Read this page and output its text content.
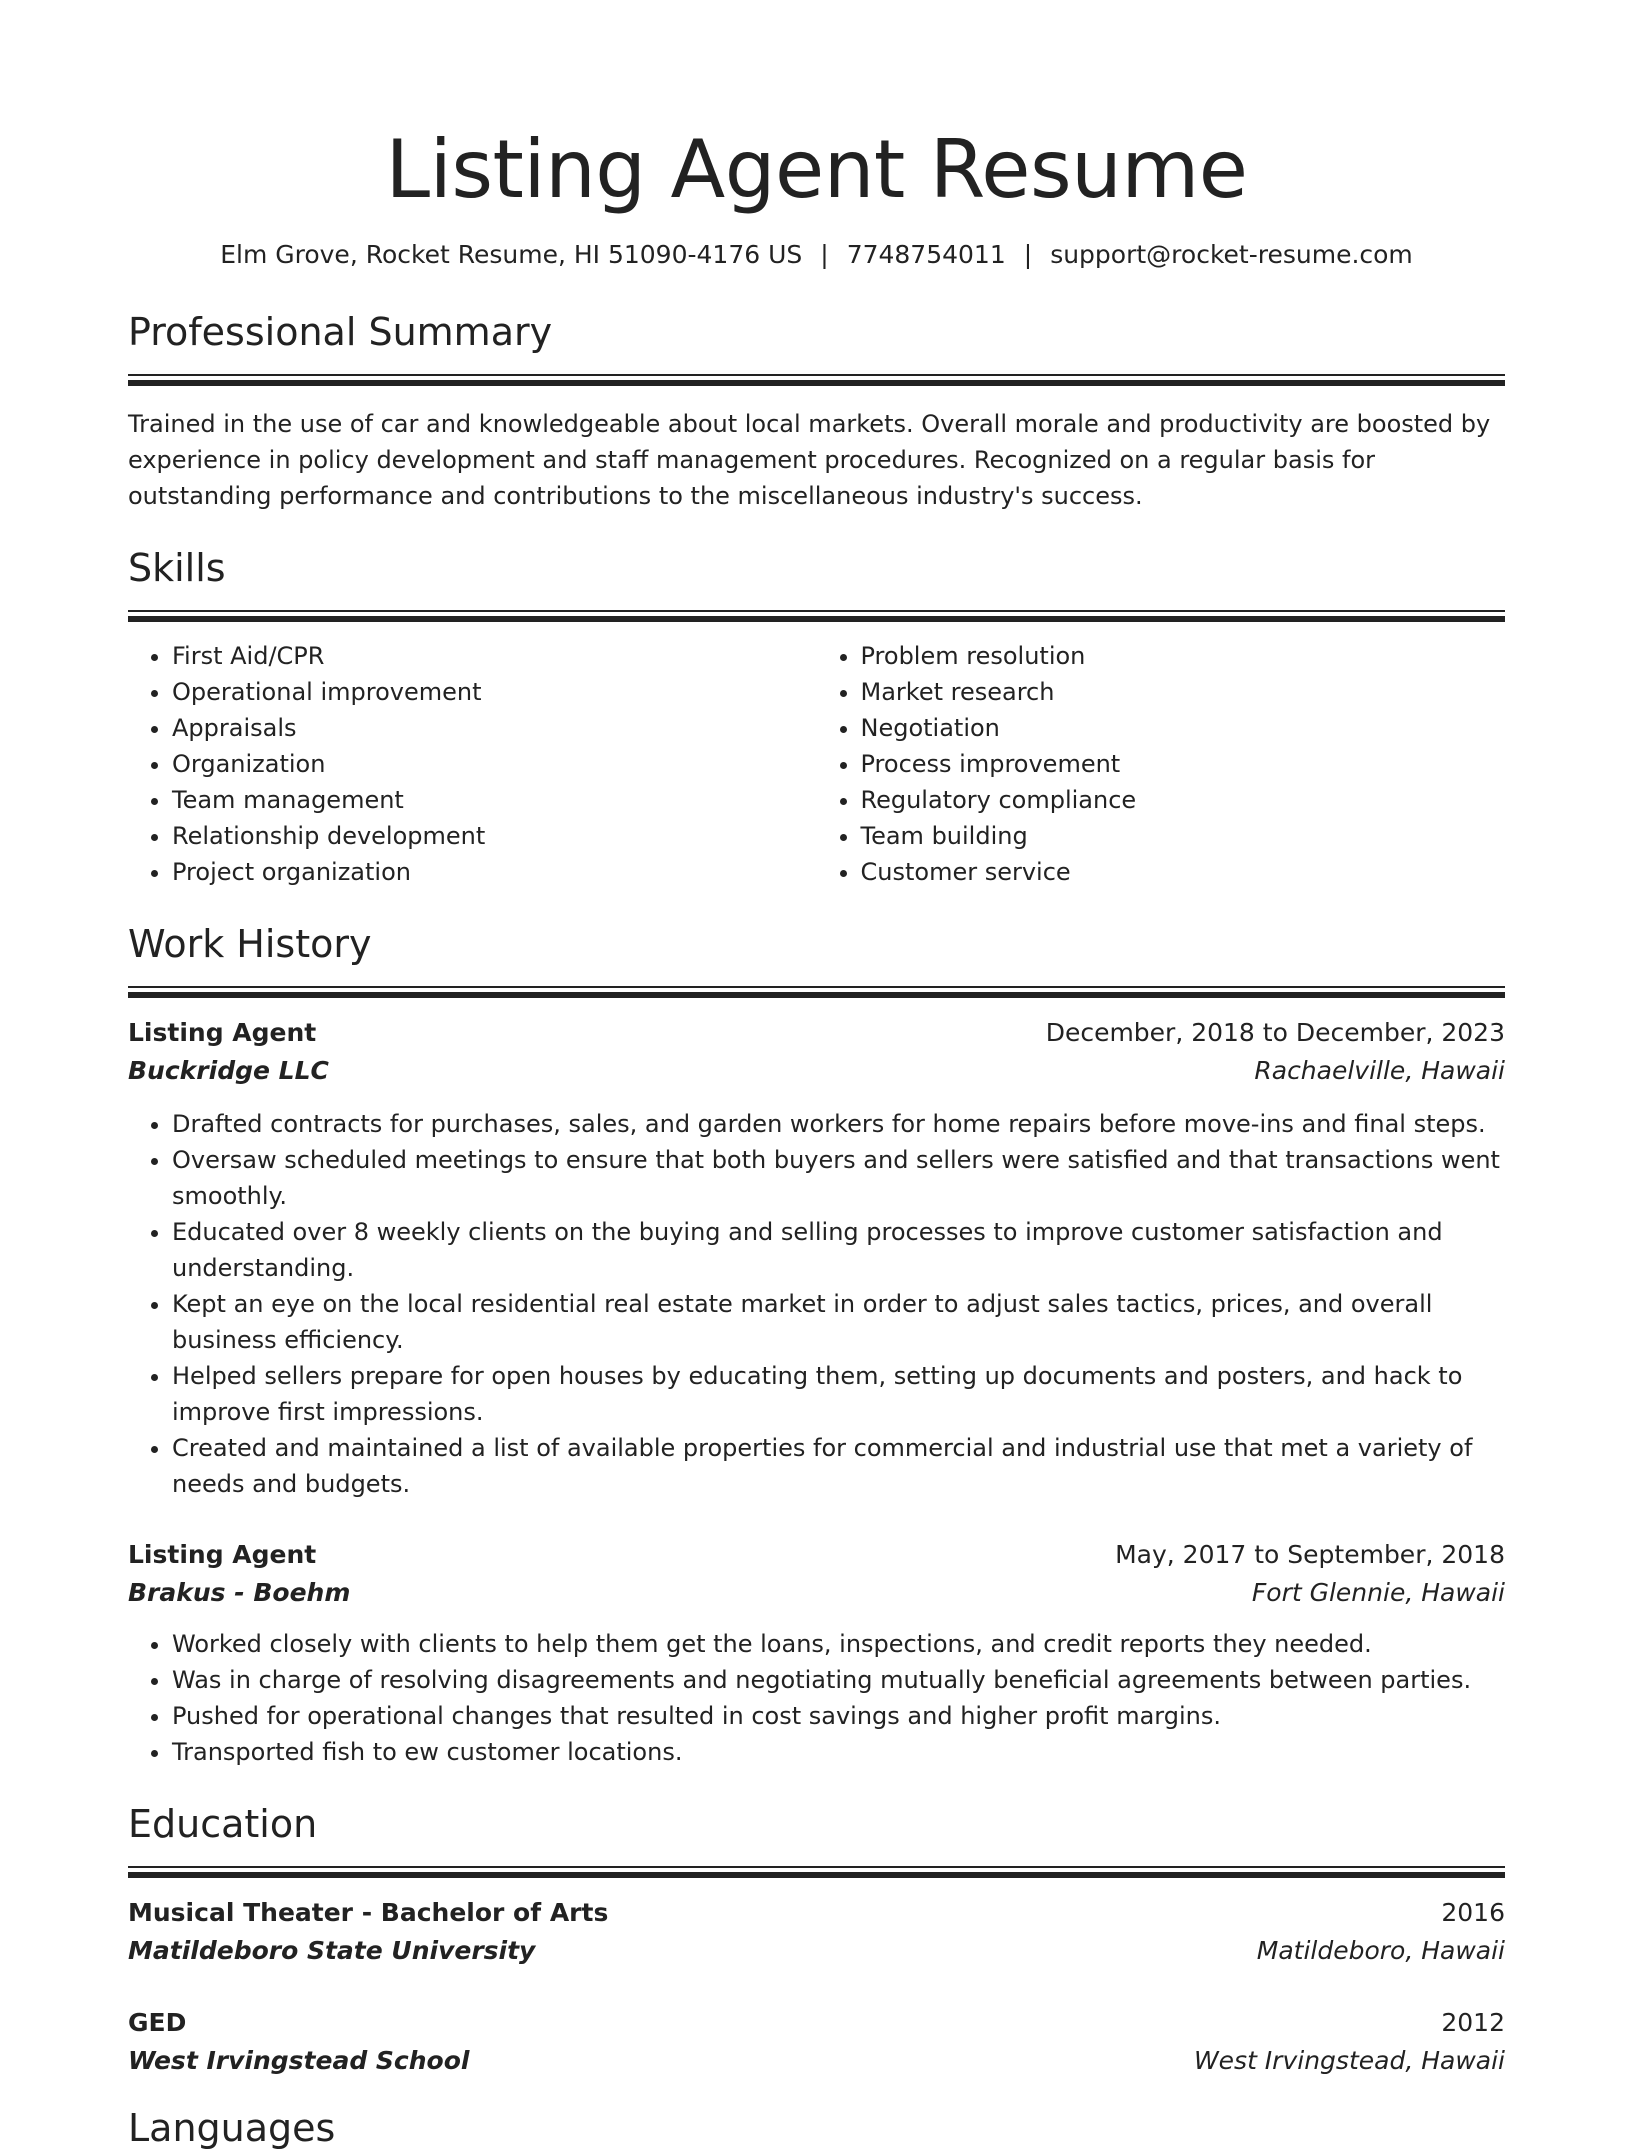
Listing Agent Resume
Elm Grove, Rocket Resume, HI 51090-4176 US | 7748754011 | support@rocket-resume.com
Professional Summary

Trained in the use of car and knowledgeable about local markets. Overall morale and productivity are boosted by experience in policy development and staff management procedures. Recognized on a regular basis for outstanding performance and contributions to the miscellaneous industry's success.

Skills
• First Aid/CPR
• Operational improvement
• Appraisals
• Organization
• Team management
• Relationship development
• Project organization
• Problem resolution
• Market research
• Negotiation
• Process improvement
• Regulatory compliance
• Team building
• Customer service
Work History
Listing Agent	December, 2018 to December, 2023
Buckridge LLC	Rachaelville, Hawaii
• Drafted contracts for purchases, sales, and garden workers for home repairs before move-ins and final steps.
• Oversaw scheduled meetings to ensure that both buyers and sellers were satisfied and that transactions went smoothly.
• Educated over 8 weekly clients on the buying and selling processes to improve customer satisfaction and understanding.
• Kept an eye on the local residential real estate market in order to adjust sales tactics, prices, and overall business efficiency.
• Helped sellers prepare for open houses by educating them, setting up documents and posters, and hack to improve first impressions.
• Created and maintained a list of available properties for commercial and industrial use that met a variety of needs and budgets.
Listing Agent	May, 2017 to September, 2018
Brakus - Boehm	Fort Glennie, Hawaii
• Worked closely with clients to help them get the loans, inspections, and credit reports they needed.
• Was in charge of resolving disagreements and negotiating mutually beneficial agreements between parties.
• Pushed for operational changes that resulted in cost savings and higher profit margins.
• Transported fish to ew customer locations.
Education
Musical Theater - Bachelor of Arts	2016
Matildeboro State University	Matildeboro, Hawaii
GED	2012
West Irvingstead School	West Irvingstead, Hawaii
Languages
